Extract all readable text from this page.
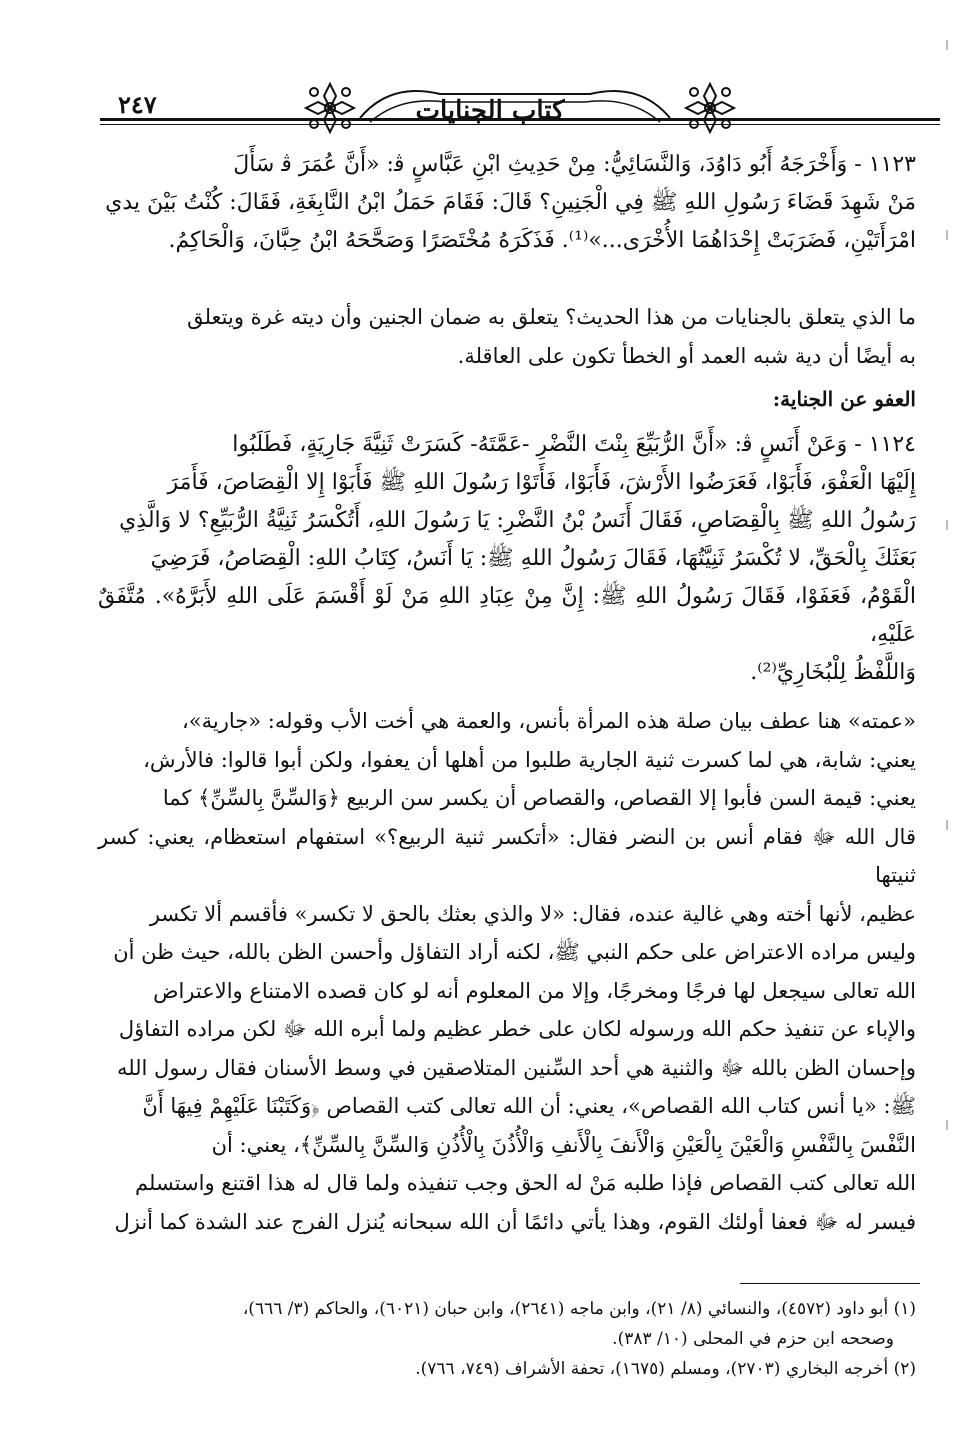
٢٤٧	كتاب الجنايات
١١٢٣ - وَأَخْرَجَهُ أَبُو دَاوُدَ، وَالنَّسَائِيُّ: مِنْ حَدِيثِ ابْنِ عَبَّاسٍ ﭬ: «أَنَّ عُمَرَ ﭬ سَأَلَ
مَنْ شَهِدَ قَضَاءَ رَسُولِ اللهِ ﷺ فِي الْجَنِينِ؟ قَالَ: فَقَامَ حَمَلُ ابْنُ النَّابِغَةِ، فَقَالَ: كُنْتُ بَيْنَ يدي
امْرَأَتَيْنِ، فَضَرَبَتْ إِحْدَاهُمَا الأُخْرَى...»⁽¹⁾. فَذَكَرَهُ مُخْتَصَرًا وَصَحَّحَهُ ابْنُ حِبَّانَ، وَالْحَاكِمُ.
ما الذي يتعلق بالجنايات من هذا الحديث؟ يتعلق به ضمان الجنين وأن ديته غرة ويتعلق
به أيضًا أن دية شبه العمد أو الخطأ تكون على العاقلة.
العفو عن الجناية:
١١٢٤ - وَعَنْ أَنَسٍ ﭬ: «أَنَّ الرُّبَيِّعَ بِنْتَ النَّضْرِ -عَمَّتَهُ- كَسَرَتْ ثَنِيَّةَ جَارِيَةٍ، فَطَلَبُوا
إِلَيْهَا الْعَفْوَ، فَأَبَوْا، فَعَرَضُوا الأَرْشَ، فَأَبَوْا، فَأَتَوْا رَسُولَ اللهِ ﷺ فَأَبَوْا إِلا الْقِصَاصَ، فَأَمَرَ
رَسُولُ اللهِ ﷺ بِالْقِصَاصِ، فَقَالَ أَنَسُ بْنُ النَّضْرِ: يَا رَسُولَ اللهِ، أَتُكْسَرُ ثَنِيَّةُ الرُّبَيِّعِ؟ لا وَالَّذِي
بَعَثَكَ بِالْحَقِّ، لا تُكْسَرُ ثَنِيَّتُهَا، فَقَالَ رَسُولُ اللهِ ﷺ: يَا أَنَسُ، كِتَابُ اللهِ: الْقِصَاصُ، فَرَضِيَ
الْقَوْمُ، فَعَفَوْا، فَقَالَ رَسُولُ اللهِ ﷺ: إِنَّ مِنْ عِبَادِ اللهِ مَنْ لَوْ أَقْسَمَ عَلَى اللهِ لأَبَرَّهُ». مُتَّفَقٌ عَلَيْهِ،
وَاللَّفْظُ لِلْبُخَارِيِّ⁽²⁾.
«عمته» هنا عطف بيان صلة هذه المرأة بأنس، والعمة هي أخت الأب وقوله: «جارية»،
يعني: شابة، هي لما كسرت ثنية الجارية طلبوا من أهلها أن يعفوا، ولكن أبوا قالوا: فالأرش،
يعني: قيمة السن فأبوا إلا القصاص، والقصاص أن يكسر سن الربيع ﴿وَالسِّنَّ بِالسِّنِّ﴾ كما
قال الله ﷻ فقام أنس بن النضر فقال: «أتكسر ثنية الربيع؟» استفهام استعظام، يعني: كسر ثنيتها
عظيم، لأنها أخته وهي غالية عنده، فقال: «لا والذي بعثك بالحق لا تكسر» فأقسم ألا تكسر
وليس مراده الاعتراض على حكم النبي ﷺ، لكنه أراد التفاؤل وأحسن الظن بالله، حيث ظن أن
الله تعالى سيجعل لها فرجًا ومخرجًا، وإلا من المعلوم أنه لو كان قصده الامتناع والاعتراض
والإباء عن تنفيذ حكم الله ورسوله لكان على خطر عظيم ولما أبره الله ﷻ لكن مراده التفاؤل
وإحسان الظن بالله ﷻ والثنية هي أحد السِّنين المتلاصقين في وسط الأسنان فقال رسول الله
ﷺ: «يا أنس كتاب الله القصاص»، يعني: أن الله تعالى كتب القصاص ﴿وَكَتَبْنَا عَلَيْهِمْ فِيهَا أَنَّ
النَّفْسَ بِالنَّفْسِ وَالْعَيْنَ بِالْعَيْنِ وَالْأَنفَ بِالْأَنفِ وَالْأُذُنَ بِالْأُذُنِ وَالسِّنَّ بِالسِّنِّ﴾، يعني: أن
الله تعالى كتب القصاص فإذا طلبه مَنْ له الحق وجب تنفيذه ولما قال له هذا اقتنع واستسلم
فيسر له ﷻ فعفا أولئك القوم، وهذا يأتي دائمًا أن الله سبحانه يُنزل الفرج عند الشدة كما أنزل
(١) أبو داود (٤٥٧٢)، والنسائي (٨/ ٢١)، وابن ماجه (٢٦٤١)، وابن حبان (٦٠٢١)، والحاكم (٣/ ٦٦٦)،
وصححه ابن حزم في المحلى (١٠/ ٣٨٣).
(٢) أخرجه البخاري (٢٧٠٣)، ومسلم (١٦٧٥)، تحفة الأشراف (٧٤٩، ٧٦٦).
